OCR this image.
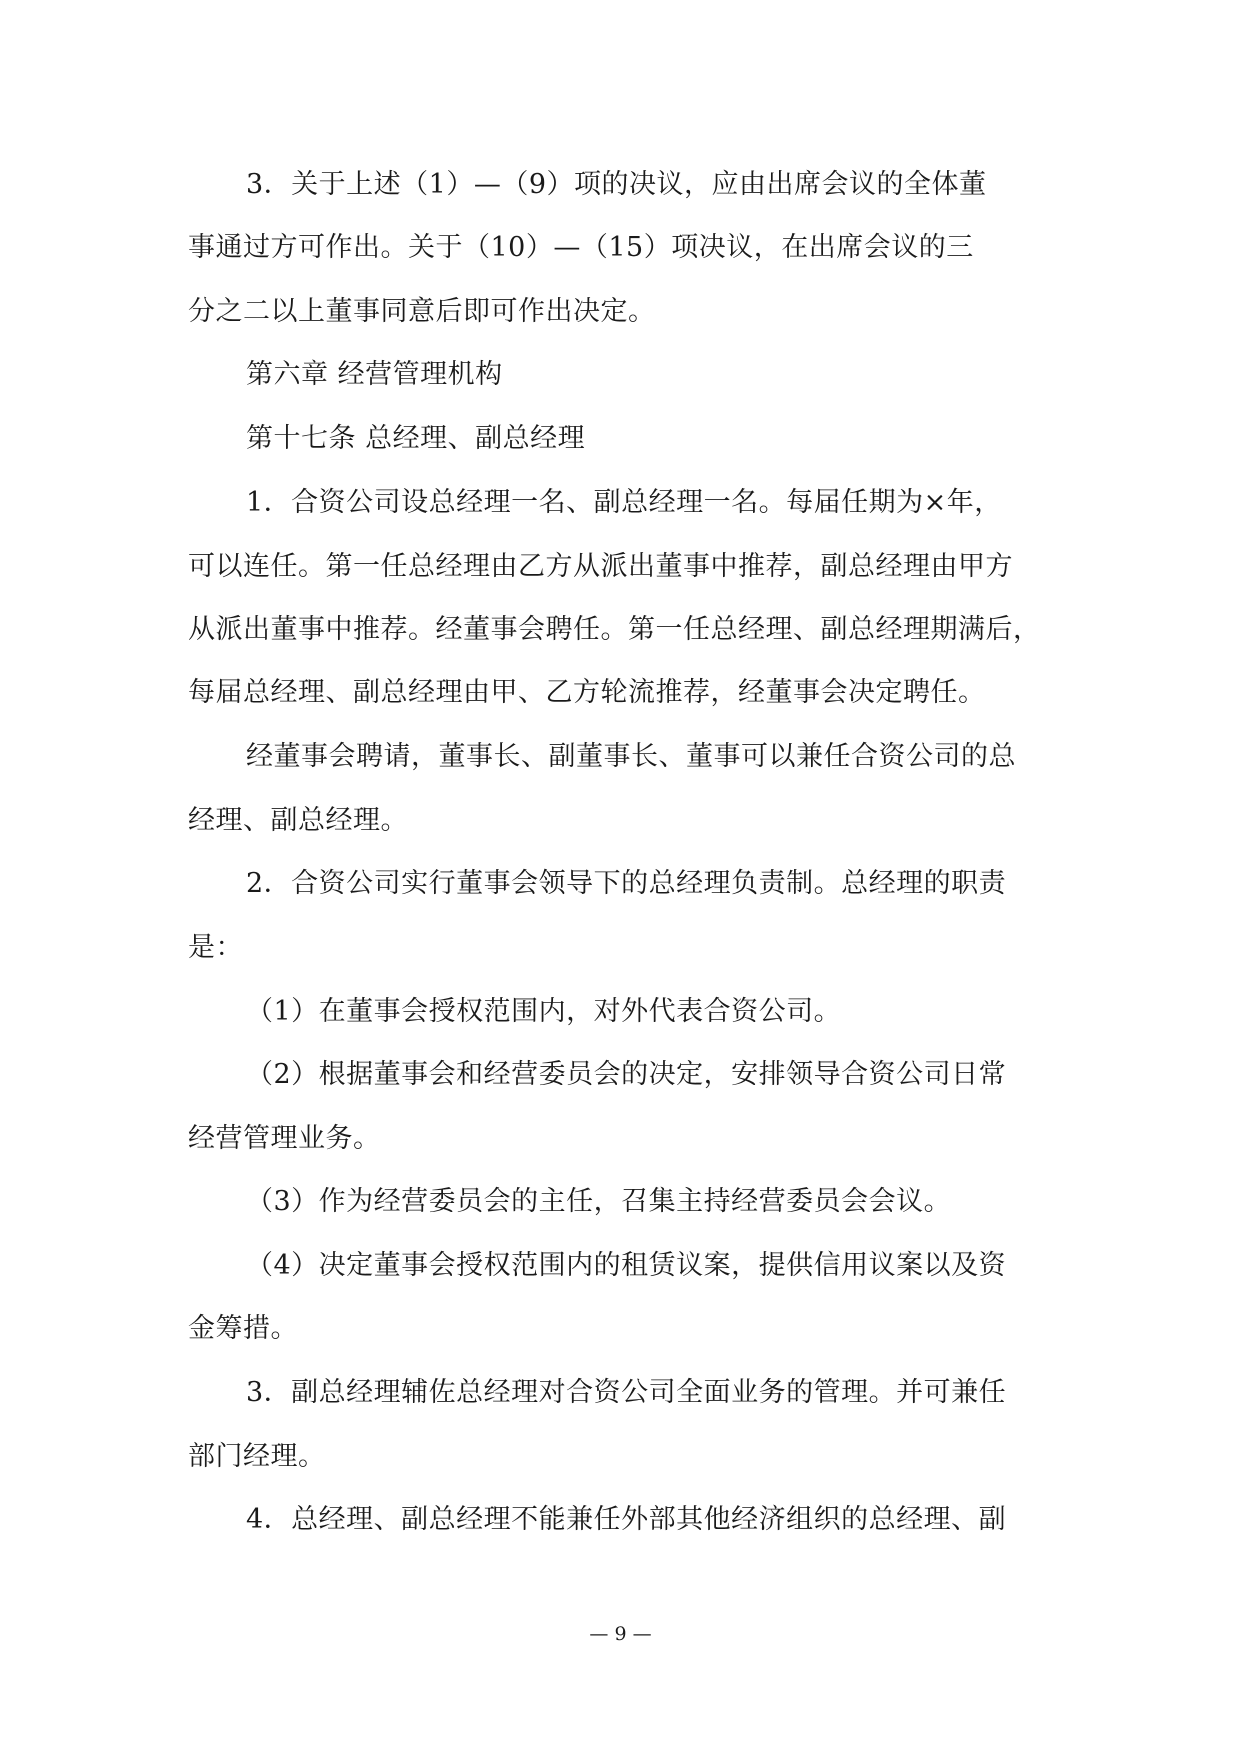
3．关于上述（1）—（9）项的决议，应由出席会议的全体董
事通过方可作出。关于（10）—（15）项决议，在出席会议的三
分之二以上董事同意后即可作出决定。
第六章 经营管理机构
第十七条 总经理、副总经理
1．合资公司设总经理一名、副总经理一名。每届任期为×年，
可以连任。第一任总经理由乙方从派出董事中推荐，副总经理由甲方
从派出董事中推荐。经董事会聘任。第一任总经理、副总经理期满后，
每届总经理、副总经理由甲、乙方轮流推荐，经董事会决定聘任。
经董事会聘请，董事长、副董事长、董事可以兼任合资公司的总
经理、副总经理。
2．合资公司实行董事会领导下的总经理负责制。总经理的职责
是：
（1）在董事会授权范围内，对外代表合资公司。
（2）根据董事会和经营委员会的决定，安排领导合资公司日常
经营管理业务。
（3）作为经营委员会的主任，召集主持经营委员会会议。
（4）决定董事会授权范围内的租赁议案，提供信用议案以及资
金筹措。
3．副总经理辅佐总经理对合资公司全面业务的管理。并可兼任
部门经理。
4．总经理、副总经理不能兼任外部其他经济组织的总经理、副
— 9 —
